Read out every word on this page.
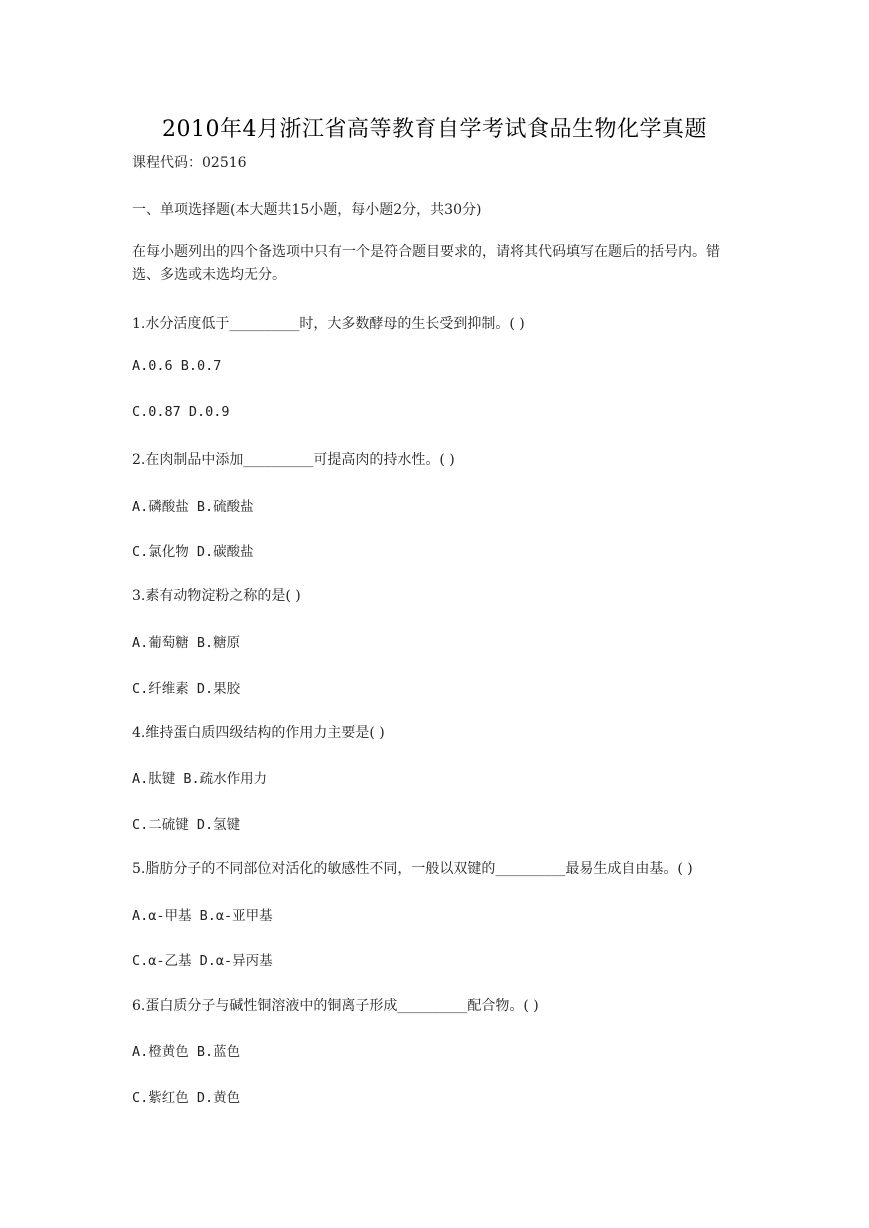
2010年4月浙江省高等教育自学考试食品生物化学真题
课程代码：02516
一、单项选择题(本大题共15小题，每小题2分，共30分)
在每小题列出的四个备选项中只有一个是符合题目要求的，请将其代码填写在题后的括号内。错选、多选或未选均无分。
1.水分活度低于__________时，大多数酵母的生长受到抑制。( )
A.0.6 B.0.7
C.0.87 D.0.9
2.在肉制品中添加__________可提高肉的持水性。( )
A.磷酸盐 B.硫酸盐
C.氯化物 D.碳酸盐
3.素有动物淀粉之称的是( )
A.葡萄糖 B.糖原
C.纤维素 D.果胶
4.维持蛋白质四级结构的作用力主要是( )
A.肽键 B.疏水作用力
C.二硫键 D.氢键
5.脂肪分子的不同部位对活化的敏感性不同，一般以双键的__________最易生成自由基。( )
A.α-甲基 B.α-亚甲基
C.α-乙基 D.α-异丙基
6.蛋白质分子与碱性铜溶液中的铜离子形成__________配合物。( )
A.橙黄色 B.蓝色
C.紫红色 D.黄色
